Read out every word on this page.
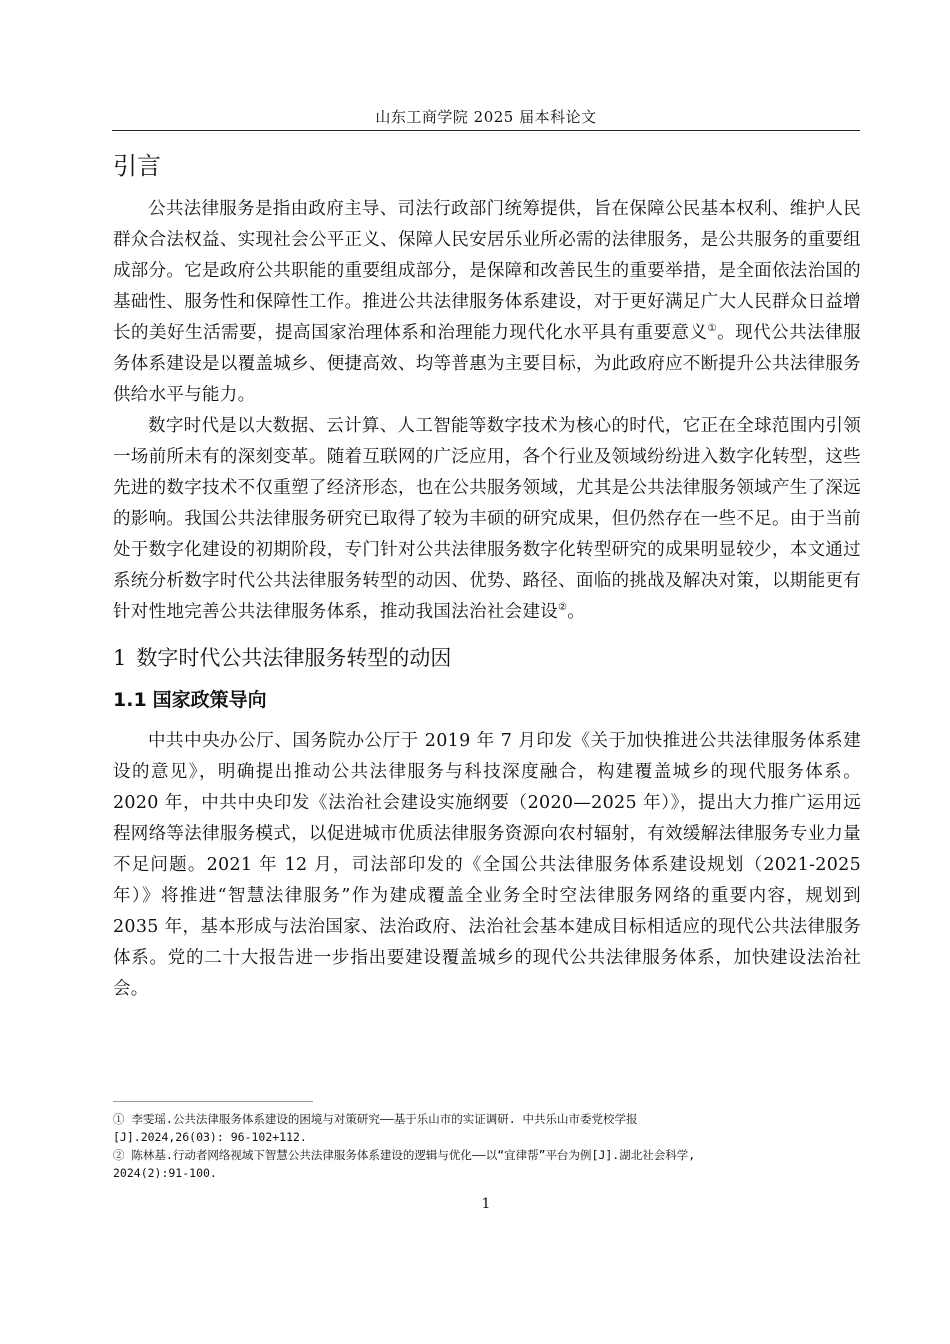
山东工商学院 2025 届本科论文
引言

公共法律服务是指由政府主导、司法行政部门统筹提供，旨在保障公民基本权利、维护人民群众合法权益、实现社会公平正义、保障人民安居乐业所必需的法律服务，是公共服务的重要组成部分。它是政府公共职能的重要组成部分，是保障和改善民生的重要举措，是全面依法治国的基础性、服务性和保障性工作。推进公共法律服务体系建设，对于更好满足广大人民群众日益增长的美好生活需要，提高国家治理体系和治理能力现代化水平具有重要意义①。现代公共法律服务体系建设是以覆盖城乡、便捷高效、均等普惠为主要目标，为此政府应不断提升公共法律服务供给水平与能力。

数字时代是以大数据、云计算、人工智能等数字技术为核心的时代，它正在全球范围内引领一场前所未有的深刻变革。随着互联网的广泛应用，各个行业及领域纷纷进入数字化转型，这些先进的数字技术不仅重塑了经济形态，也在公共服务领域，尤其是公共法律服务领域产生了深远的影响。我国公共法律服务研究已取得了较为丰硕的研究成果，但仍然存在一些不足。由于当前处于数字化建设的初期阶段，专门针对公共法律服务数字化转型研究的成果明显较少，本文通过系统分析数字时代公共法律服务转型的动因、优势、路径、面临的挑战及解决对策，以期能更有针对性地完善公共法律服务体系，推动我国法治社会建设②。

1 数字时代公共法律服务转型的动因
1.1 国家政策导向

中共中央办公厅、国务院办公厅于 2019 年 7 月印发《关于加快推进公共法律服务体系建设的意见》，明确提出推动公共法律服务与科技深度融合，构建覆盖城乡的现代服务体系。2020 年，中共中央印发《法治社会建设实施纲要（2020—2025 年）》，提出大力推广运用远程网络等法律服务模式，以促进城市优质法律服务资源向农村辐射，有效缓解法律服务专业力量不足问题。2021 年 12 月，司法部印发的《全国公共法律服务体系建设规划（2021-2025 年）》将推进“智慧法律服务”作为建成覆盖全业务全时空法律服务网络的重要内容，规划到 2035 年，基本形成与法治国家、法治政府、法治社会基本建成目标相适应的现代公共法律服务体系。党的二十大报告进一步指出要建设覆盖城乡的现代公共法律服务体系，加快建设法治社会。

① 李雯瑶.公共法律服务体系建设的困境与对策研究——基于乐山市的实证调研. 中共乐山市委党校学报
[J].2024,26(03): 96-102+112.
② 陈林基.行动者网络视域下智慧公共法律服务体系建设的逻辑与优化——以“宜律帮”平台为例[J].湖北社会科学,
2024(2):91-100.
1
